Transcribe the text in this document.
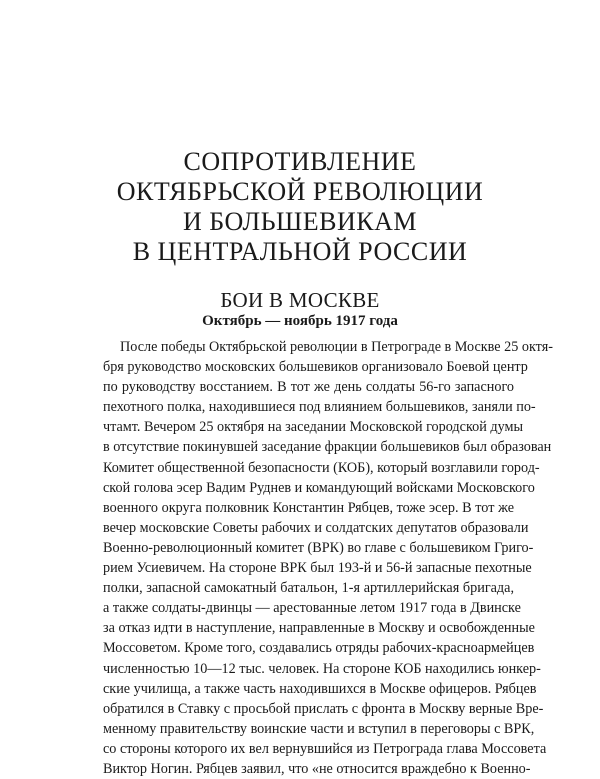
СОПРОТИВЛЕНИЕ
ОКТЯБРЬСКОЙ РЕВОЛЮЦИИ
И БОЛЬШЕВИКАМ
В ЦЕНТРАЛЬНОЙ РОССИИ
БОИ В МОСКВЕ
Октябрь — ноябрь 1917 года
После победы Октябрьской революции в Петрограде в Москве 25 октя-
бря руководство московских большевиков организовало Боевой центр
по руководству восстанием. В тот же день солдаты 56-го запасного
пехотного полка, находившиеся под влиянием большевиков, заняли по-
чтамт. Вечером 25 октября на заседании Московской городской думы
в отсутствие покинувшей заседание фракции большевиков был образован
Комитет общественной безопасности (КОБ), который возглавили город-
ской голова эсер Вадим Руднев и командующий войсками Московского
военного округа полковник Константин Рябцев, тоже эсер. В тот же
вечер московские Советы рабочих и солдатских депутатов образовали
Военно-революционный комитет (ВРК) во главе с большевиком Григо-
рием Усиевичем. На стороне ВРК был 193-й и 56-й запасные пехотные
полки, запасной самокатный батальон, 1-я артиллерийская бригада,
а также солдаты-двинцы — арестованные летом 1917 года в Двинске
за отказ идти в наступление, направленные в Москву и освобожденные
Моссоветом. Кроме того, создавались отряды рабочих-красноармейцев
численностью 10—12 тыс. человек. На стороне КОБ находились юнкер-
ские училища, а также часть находившихся в Москве офицеров. Рябцев
обратился в Ставку с просьбой прислать с фронта в Москву верные Вре-
менному правительству воинские части и вступил в переговоры с ВРК,
со стороны которого их вел вернувшийся из Петрограда глава Моссовета
Виктор Ногин. Рябцев заявил, что «не относится враждебно к Военно-
